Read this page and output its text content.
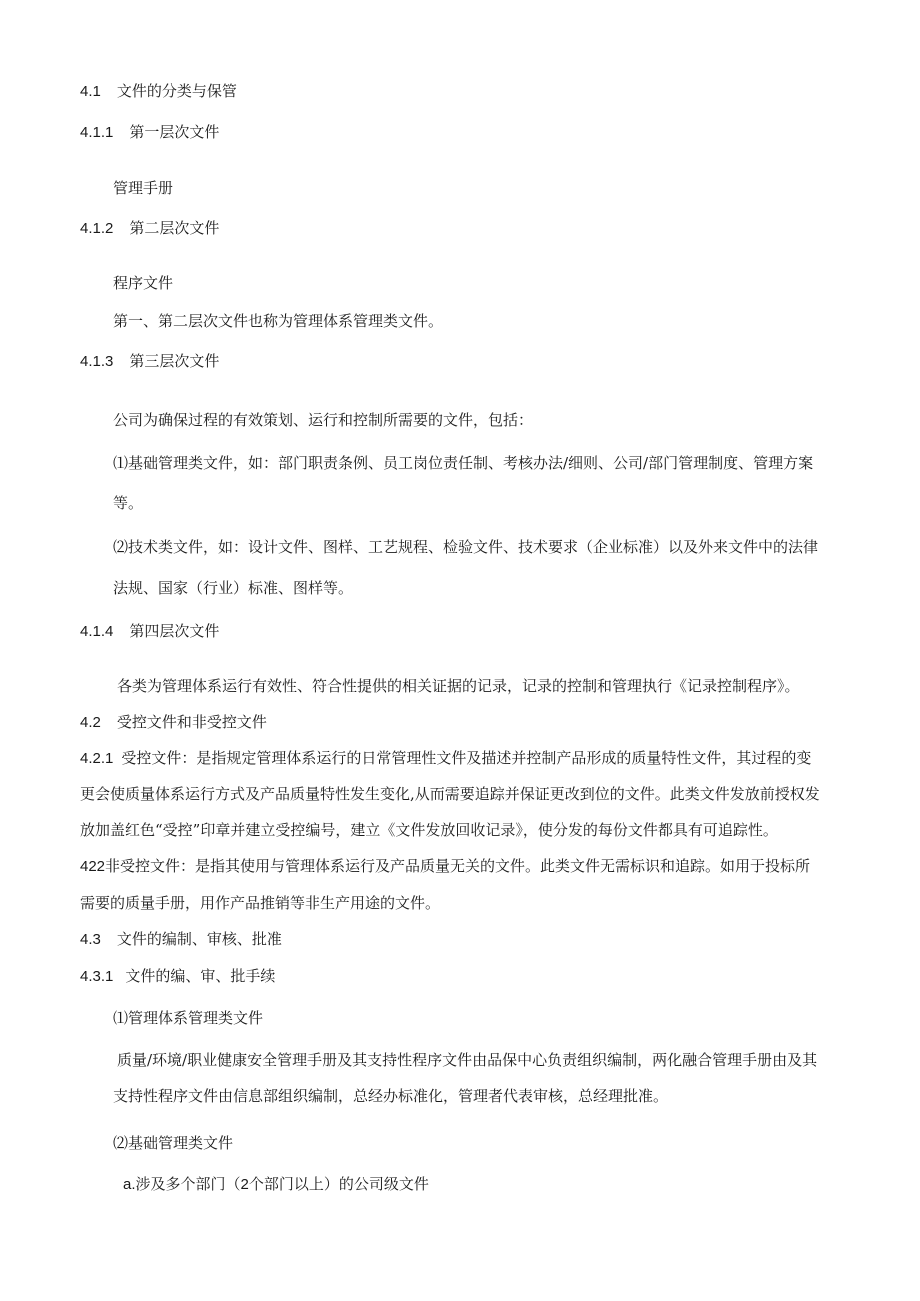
4.1 文件的分类与保管
4.1.1 第一层次文件
管理手册
4.1.2 第二层次文件
程序文件
第一、第二层次文件也称为管理体系管理类文件。
4.1.3 第三层次文件
公司为确保过程的有效策划、运行和控制所需要的文件，包括：
⑴基础管理类文件，如：部门职责条例、员工岗位责任制、考核办法/细则、公司/部门管理制度、管理方案
等。
⑵技术类文件，如：设计文件、图样、工艺规程、检验文件、技术要求（企业标准）以及外来文件中的法律
法规、国家（行业）标准、图样等。
4.1.4 第四层次文件
各类为管理体系运行有效性、符合性提供的相关证据的记录，记录的控制和管理执行《记录控制程序》。
4.2 受控文件和非受控文件
4.2.1 受控文件：是指规定管理体系运行的日常管理性文件及描述并控制产品形成的质量特性文件，其过程的变
更会使质量体系运行方式及产品质量特性发生变化,从而需要追踪并保证更改到位的文件。此类文件发放前授权发
放加盖红色“受控”印章并建立受控编号，建立《文件发放回收记录》，使分发的每份文件都具有可追踪性。
422非受控文件：是指其使用与管理体系运行及产品质量无关的文件。此类文件无需标识和追踪。如用于投标所
需要的质量手册，用作产品推销等非生产用途的文件。
4.3 文件的编制、审核、批准
4.3.1 文件的编、审、批手续
⑴管理体系管理类文件
质量/环境/职业健康安全管理手册及其支持性程序文件由品保中心负责组织编制，两化融合管理手册由及其
支持性程序文件由信息部组织编制，总经办标准化，管理者代表审核，总经理批准。
⑵基础管理类文件
a.涉及多个部门（2个部门以上）的公司级文件
